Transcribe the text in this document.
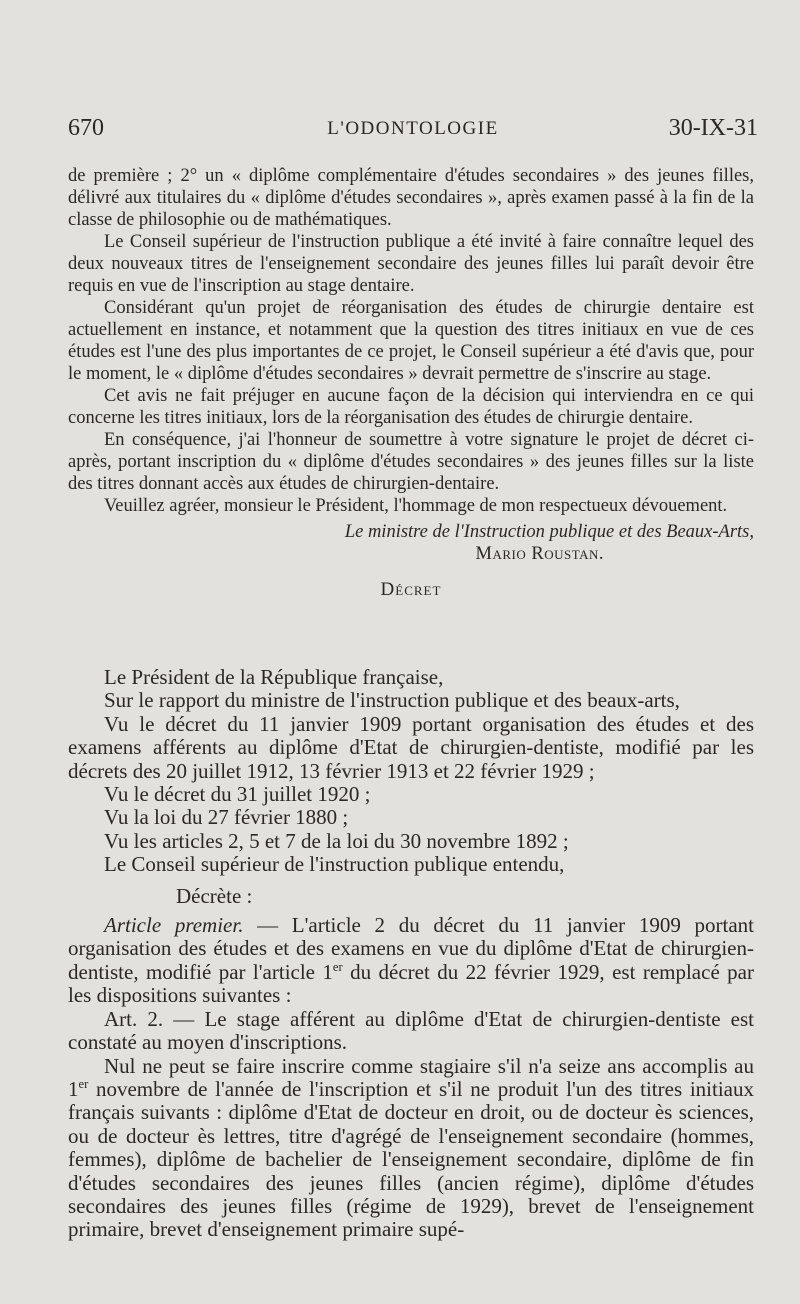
670	L'ODONTOLOGIE	30-IX-31

de première ; 2° un « diplôme complémentaire d'études secondaires » des jeunes filles, délivré aux titulaires du « diplôme d'études secondaires », après examen passé à la fin de la classe de philosophie ou de mathématiques.

Le Conseil supérieur de l'instruction publique a été invité à faire connaître lequel des deux nouveaux titres de l'enseignement secondaire des jeunes filles lui paraît devoir être requis en vue de l'inscription au stage dentaire.

Considérant qu'un projet de réorganisation des études de chirurgie dentaire est actuellement en instance, et notamment que la question des titres initiaux en vue de ces études est l'une des plus importantes de ce projet, le Conseil supérieur a été d'avis que, pour le moment, le « diplôme d'études secondaires » devrait permettre de s'inscrire au stage.

Cet avis ne fait préjuger en aucune façon de la décision qui interviendra en ce qui concerne les titres initiaux, lors de la réorganisation des études de chirurgie dentaire.

En conséquence, j'ai l'honneur de soumettre à votre signature le projet de décret ci-après, portant inscription du « diplôme d'études secondaires » des jeunes filles sur la liste des titres donnant accès aux études de chirurgien-dentaire.

Veuillez agréer, monsieur le Président, l'hommage de mon respectueux dévouement.

Le ministre de l'Instruction publique et des Beaux-Arts,

Mario Roustan.

Décret

Le Président de la République française,

Sur le rapport du ministre de l'instruction publique et des beaux-arts,

Vu le décret du 11 janvier 1909 portant organisation des études et des examens afférents au diplôme d'Etat de chirurgien-dentiste, modifié par les décrets des 20 juillet 1912, 13 février 1913 et 22 février 1929 ;

Vu le décret du 31 juillet 1920 ;

Vu la loi du 27 février 1880 ;

Vu les articles 2, 5 et 7 de la loi du 30 novembre 1892 ;

Le Conseil supérieur de l'instruction publique entendu,

Décrète :

Article premier. — L'article 2 du décret du 11 janvier 1909 portant organisation des études et des examens en vue du diplôme d'Etat de chirurgien-dentiste, modifié par l'article 1er du décret du 22 février 1929, est remplacé par les dispositions suivantes :

Art. 2. — Le stage afférent au diplôme d'Etat de chirurgien-dentiste est constaté au moyen d'inscriptions.

Nul ne peut se faire inscrire comme stagiaire s'il n'a seize ans accomplis au 1er novembre de l'année de l'inscription et s'il ne produit l'un des titres initiaux français suivants : diplôme d'Etat de docteur en droit, ou de docteur ès sciences, ou de docteur ès lettres, titre d'agrégé de l'enseignement secondaire (hommes, femmes), diplôme de bachelier de l'enseignement secondaire, diplôme de fin d'études secondaires des jeunes filles (ancien régime), diplôme d'études secondaires des jeunes filles (régime de 1929), brevet de l'enseignement primaire, brevet d'enseignement primaire supé-
